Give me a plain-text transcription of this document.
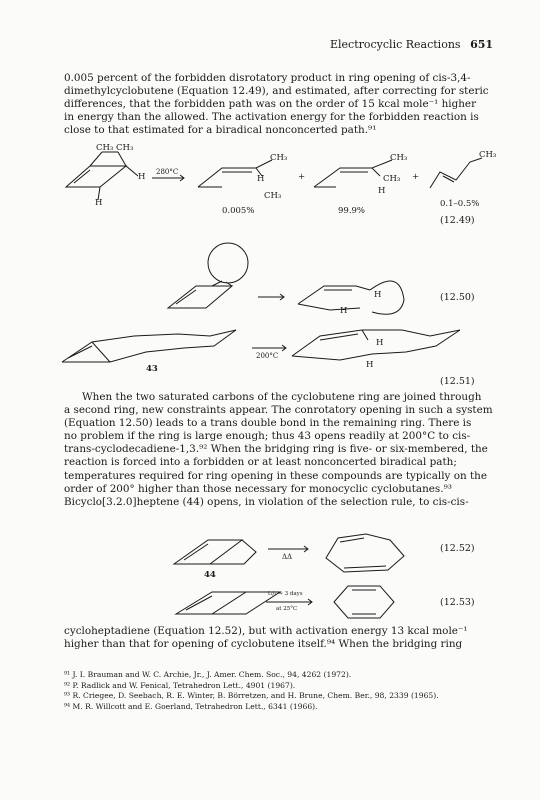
Electrocyclic Reactions 651
0.005 percent of the forbidden disrotatory product in ring opening of cis-3,4-
dimethylcyclobutene (Equation 12.49), and estimated, after correcting for steric
differences, that the forbidden path was on the order of 15 kcal mole⁻¹ higher
in energy than the allowed. The activation energy for the forbidden reaction is
close to that estimated for a biradical nonconcerted path.⁹¹
CH₃ CH₃
H
H
280°C
CH₃
H
CH₃
+
CH₃
CH₃
H
+
CH₃
0.005%	99.9%
0.1–0.5%
(12.49)
H
H
(12.50)
43
200°C
H
H
(12.51)
When the two saturated carbons of the cyclobutene ring are joined through
a second ring, new constraints appear. The conrotatory opening in such a system
(Equation 12.50) leads to a trans double bond in the remaining ring. There is
no problem if the ring is large enough; thus 43 opens readily at 200°C to cis-
trans-cyclodecadiene-1,3.⁹² When the bridging ring is five- or six-membered, the
reaction is forced into a forbidden or at least nonconcerted biradical path;
temperatures required for ring opening in these compounds are typically on the
order of 200° higher than those necessary for monocyclic cyclobutanes.⁹³
Bicyclo[3.2.0]heptene (44) opens, in violation of the selection rule, to cis-cis-
ΔΔ
44
(12.52)
t₁/₂ ≈ 3 days
at 25°C
(12.53)
cycloheptadiene (Equation 12.52), but with activation energy 13 kcal mole⁻¹
higher than that for opening of cyclobutene itself.⁹⁴ When the bridging ring
⁹¹ J. I. Brauman and W. C. Archie, Jr., J. Amer. Chem. Soc., 94, 4262 (1972).
⁹² P. Radlick and W. Fenical, Tetrahedron Lett., 4901 (1967).
⁹³ R. Criegee, D. Seebach, R. E. Winter, B. Börretzen, and H. Brune, Chem. Ber., 98, 2339 (1965).
⁹⁴ M. R. Willcott and E. Goerland, Tetrahedron Lett., 6341 (1966).
